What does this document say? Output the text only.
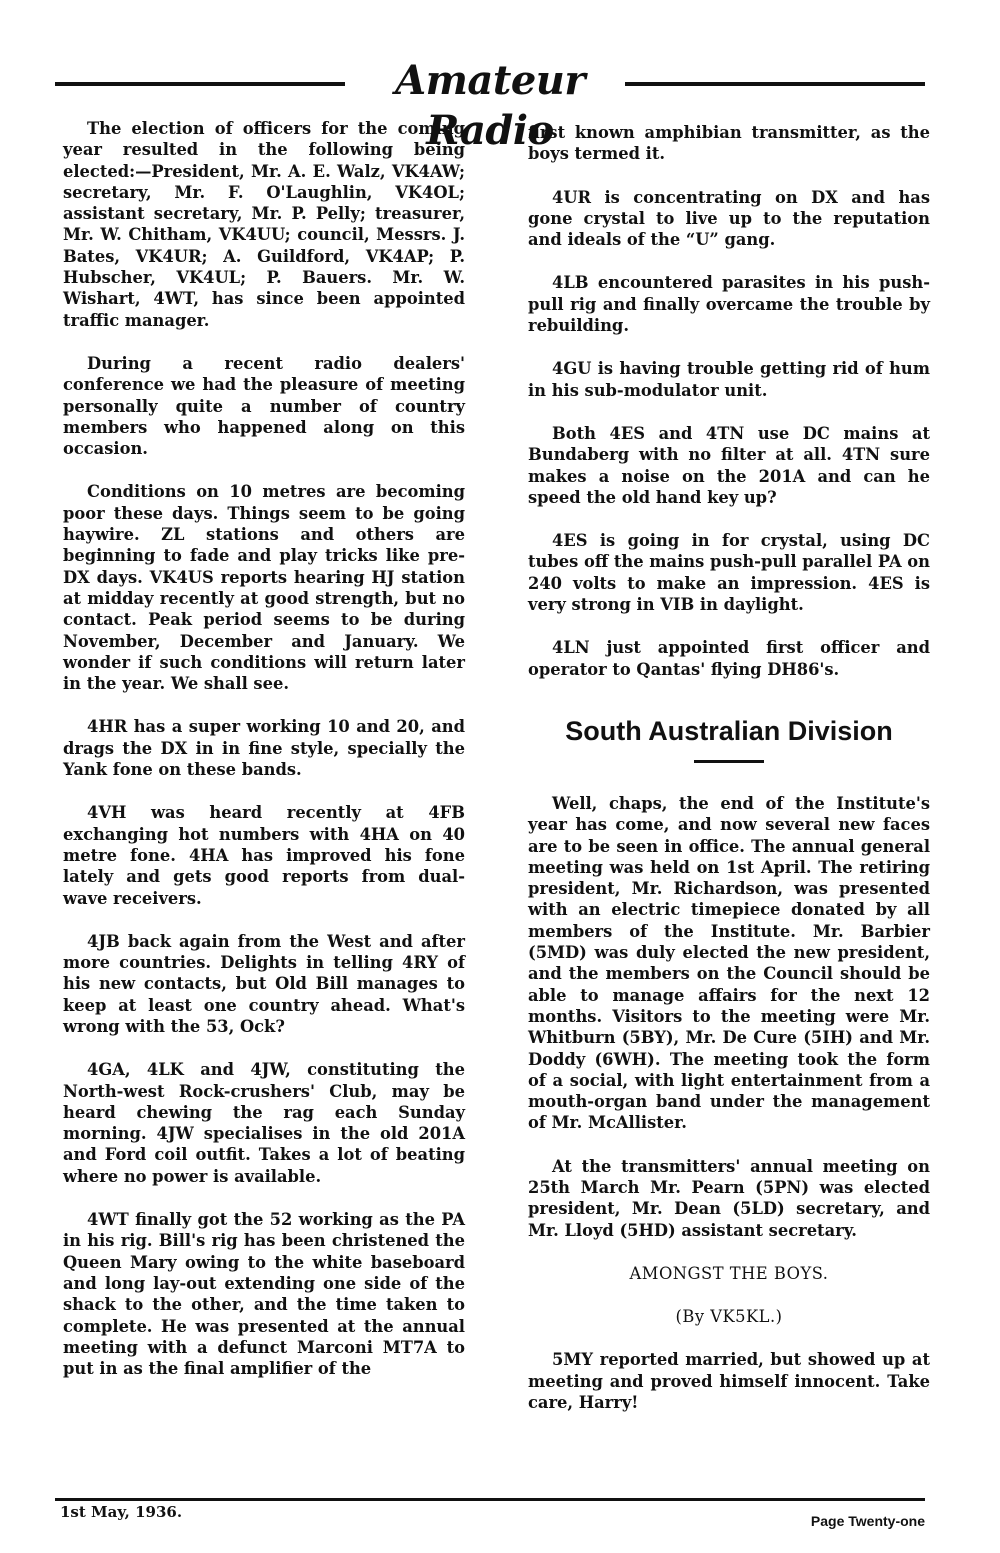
Amateur Radio

The election of officers for the coming year resulted in the following being elected:—President, Mr. A. E. Walz, VK4AW; secretary, Mr. F. O'Laughlin, VK4OL; assistant secretary, Mr. P. Pelly; treasurer, Mr. W. Chitham, VK4UU; council, Messrs. J. Bates, VK4UR; A. Guildford, VK4AP; P. Hubscher, VK4UL; P. Bauers. Mr. W. Wishart, 4WT, has since been appointed traffic manager.

During a recent radio dealers' conference we had the pleasure of meeting personally quite a number of country members who happened along on this occasion.

Conditions on 10 metres are becoming poor these days. Things seem to be going haywire. ZL stations and others are beginning to fade and play tricks like pre-DX days. VK4US reports hearing HJ station at midday recently at good strength, but no contact. Peak period seems to be during November, December and January. We wonder if such conditions will return later in the year. We shall see.

4HR has a super working 10 and 20, and drags the DX in in fine style, specially the Yank fone on these bands.

4VH was heard recently at 4FB exchanging hot numbers with 4HA on 40 metre fone. 4HA has improved his fone lately and gets good reports from dual-wave receivers.

4JB back again from the West and after more countries. Delights in telling 4RY of his new contacts, but Old Bill manages to keep at least one country ahead. What's wrong with the 53, Ock?

4GA, 4LK and 4JW, constituting the North-west Rock-crushers' Club, may be heard chewing the rag each Sunday morning. 4JW specialises in the old 201A and Ford coil outfit. Takes a lot of beating where no power is available.

4WT finally got the 52 working as the PA in his rig. Bill's rig has been christened the Queen Mary owing to the white baseboard and long lay-out extending one side of the shack to the other, and the time taken to complete. He was presented at the annual meeting with a defunct Marconi MT7A to put in as the final amplifier of the

first known amphibian transmitter, as the boys termed it.

4UR is concentrating on DX and has gone crystal to live up to the reputation and ideals of the “U” gang.

4LB encountered parasites in his push-pull rig and finally overcame the trouble by rebuilding.

4GU is having trouble getting rid of hum in his sub-modulator unit.

Both 4ES and 4TN use DC mains at Bundaberg with no filter at all. 4TN sure makes a noise on the 201A and can he speed the old hand key up?

4ES is going in for crystal, using DC tubes off the mains push-pull parallel PA on 240 volts to make an impression. 4ES is very strong in VIB in daylight.

4LN just appointed first officer and operator to Qantas' flying DH86's.

South Australian Division

Well, chaps, the end of the Institute's year has come, and now several new faces are to be seen in office. The annual general meeting was held on 1st April. The retiring president, Mr. Richardson, was presented with an electric timepiece donated by all members of the Institute. Mr. Barbier (5MD) was duly elected the new president, and the members on the Council should be able to manage affairs for the next 12 months. Visitors to the meeting were Mr. Whitburn (5BY), Mr. De Cure (5IH) and Mr. Doddy (6WH). The meeting took the form of a social, with light entertainment from a mouth-organ band under the management of Mr. McAllister.

At the transmitters' annual meeting on 25th March Mr. Pearn (5PN) was elected president, Mr. Dean (5LD) secretary, and Mr. Lloyd (5HD) assistant secretary.

AMONGST THE BOYS.

(By VK5KL.)

5MY reported married, but showed up at meeting and proved himself innocent. Take care, Harry!

1st May, 1936.	Page Twenty-one
